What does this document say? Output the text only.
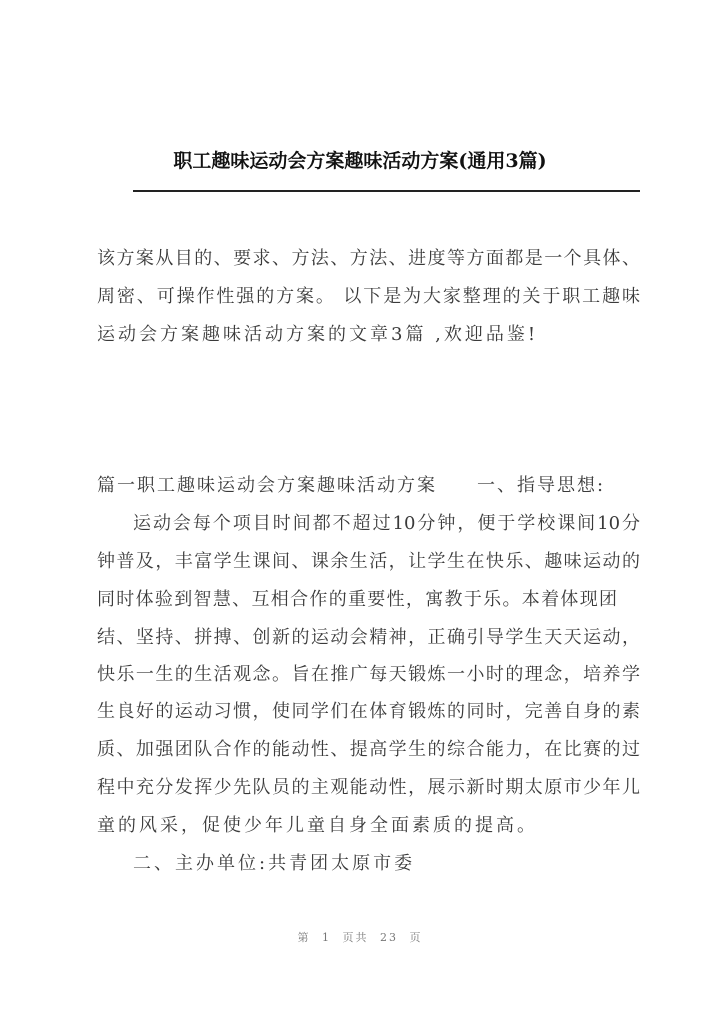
职工趣味运动会方案趣味活动方案(通用3篇)
该方案从目的、要求、方法、方法、进度等方面都是一个具体、
周密、可操作性强的方案。 以下是为大家整理的关于职工趣味
运动会方案趣味活动方案的文章3篇 ,欢迎品鉴!
篇一职工趣味运动会方案趣味活动方案　　一、指导思想:
运动会每个项目时间都不超过10分钟，便于学校课间10分
钟普及，丰富学生课间、课余生活，让学生在快乐、趣味运动的
同时体验到智慧、互相合作的重要性，寓教于乐。本着体现团
结、坚持、拼搏、创新的运动会精神，正确引导学生天天运动，
快乐一生的生活观念。旨在推广每天锻炼一小时的理念，培养学
生良好的运动习惯，使同学们在体育锻炼的同时，完善自身的素
质、加强团队合作的能动性、提高学生的综合能力，在比赛的过
程中充分发挥少先队员的主观能动性，展示新时期太原市少年儿
童的风采，促使少年儿童自身全面素质的提高。
二、主办单位:共青团太原市委
第 1 页共 23 页
